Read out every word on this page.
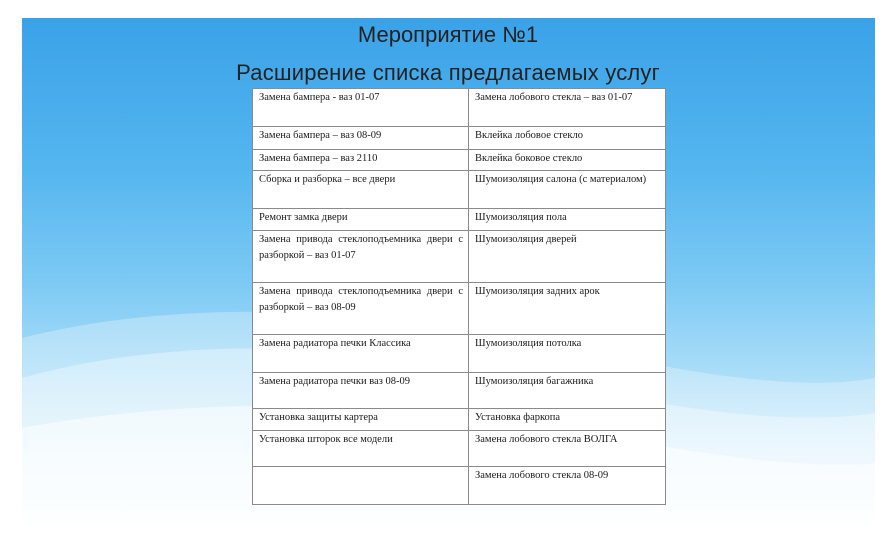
Мероприятие №1
Расширение списка предлагаемых услуг
Замена бампера - ваз 01-07	Замена лобового стекла – ваз 01-07
Замена бампера – ваз 08-09	Вклейка лобовое стекло
Замена бампера – ваз 2110	Вклейка боковое стекло
Сборка и разборка – все двери	Шумоизоляция салона (с материалом)
Ремонт замка двери	Шумоизоляция пола
Замена привода стеклоподъемника двери с разборкой – ваз 01-07	Шумоизоляция дверей
Замена привода стеклоподъемника двери с разборкой – ваз 08-09	Шумоизоляция задних арок
Замена радиатора печки Классика	Шумоизоляция потолка
Замена радиатора печки ваз 08-09	Шумоизоляция багажника
Установка защиты картера	Установка фаркопа
Установка шторок все модели	Замена лобового стекла ВОЛГА
	Замена лобового стекла 08-09
